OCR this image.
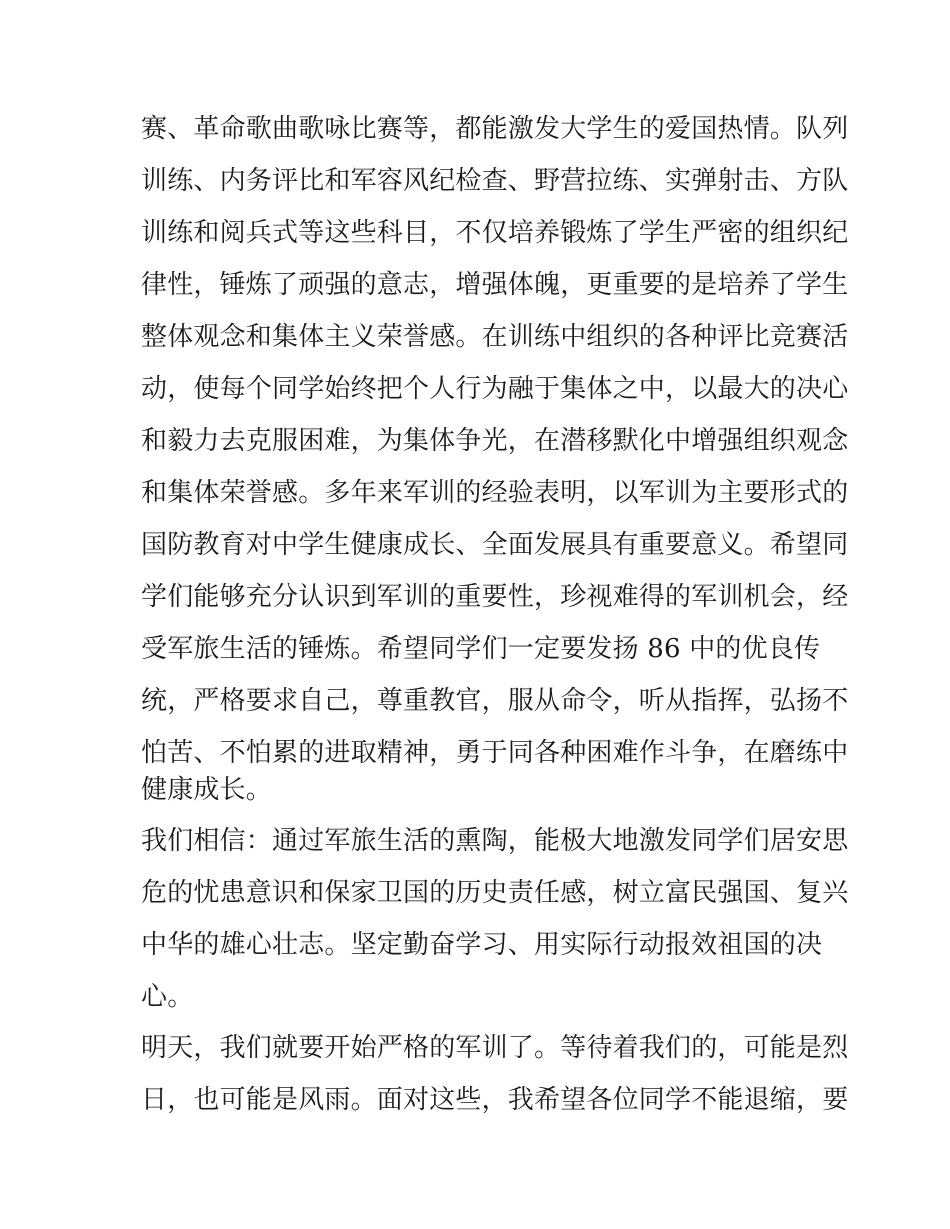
赛、革命歌曲歌咏比赛等，都能激发大学生的爱国热情。队列
训练、内务评比和军容风纪检查、野营拉练、实弹射击、方队
训练和阅兵式等这些科目，不仅培养锻炼了学生严密的组织纪
律性，锤炼了顽强的意志，增强体魄，更重要的是培养了学生
整体观念和集体主义荣誉感。在训练中组织的各种评比竞赛活
动，使每个同学始终把个人行为融于集体之中，以最大的决心
和毅力去克服困难，为集体争光，在潜移默化中增强组织观念
和集体荣誉感。多年来军训的经验表明，以军训为主要形式的
国防教育对中学生健康成长、全面发展具有重要意义。希望同
学们能够充分认识到军训的重要性，珍视难得的军训机会，经
受军旅生活的锤炼。希望同学们一定要发扬 86 中的优良传
统，严格要求自己，尊重教官，服从命令，听从指挥，弘扬不
怕苦、不怕累的进取精神，勇于同各种困难作斗争，在磨练中
健康成长。
我们相信：通过军旅生活的熏陶，能极大地激发同学们居安思
危的忧患意识和保家卫国的历史责任感，树立富民强国、复兴
中华的雄心壮志。坚定勤奋学习、用实际行动报效祖国的决
心。
明天，我们就要开始严格的军训了。等待着我们的，可能是烈
日，也可能是风雨。面对这些，我希望各位同学不能退缩，要
